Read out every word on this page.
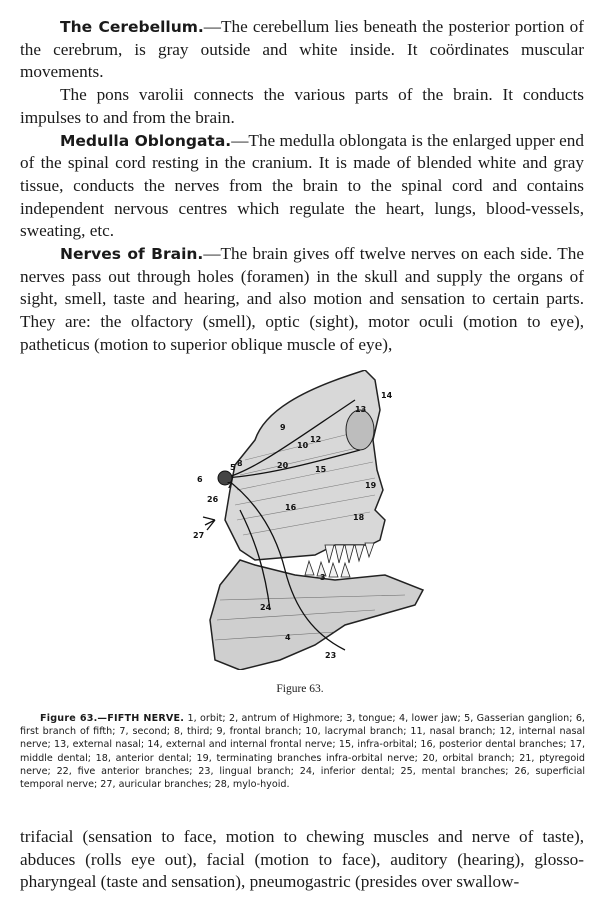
The Cerebellum.—The cerebellum lies beneath the posterior portion of the cerebrum, is gray outside and white inside. It coördinates muscular movements.

The pons varolii connects the various parts of the brain. It conducts impulses to and from the brain.

Medulla Oblongata.—The medulla oblongata is the enlarged upper end of the spinal cord resting in the cranium. It is made of blended white and gray tissue, conducts the nerves from the brain to the spinal cord and contains independent nervous centres which regulate the heart, lungs, blood-vessels, sweating, etc.

Nerves of Brain.—The brain gives off twelve nerves on each side. The nerves pass out through holes (foramen) in the skull and supply the organs of sight, smell, taste and hearing, and also motion and sensation to certain parts. They are: the olfactory (smell), optic (sight), motor oculi (motion to eye), patheticus (motion to superior oblique muscle of eye),

14
13
9
12
10
5
6
7
8	20	15
19
26
16
18
27
3
24
4
23
Figure 63.

Figure 63.—FIFTH NERVE. 1, orbit; 2, antrum of Highmore; 3, tongue; 4, lower jaw; 5, Gasserian ganglion; 6, first branch of fifth; 7, second; 8, third; 9, frontal branch; 10, lacrymal branch; 11, nasal branch; 12, internal nasal nerve; 13, external nasal; 14, external and internal frontal nerve; 15, infra-orbital; 16, posterior dental branches; 17, middle dental; 18, anterior dental; 19, terminating branches infra-orbital nerve; 20, orbital branch; 21, ptyregoid nerve; 22, five anterior branches; 23, lingual branch; 24, inferior dental; 25, mental branches; 26, superficial temporal nerve; 27, auricular branches; 28, mylo-hyoid.

trifacial (sensation to face, motion to chewing muscles and nerve of taste), abduces (rolls eye out), facial (motion to face), auditory (hearing), glosso-pharyngeal (taste and sensation), pneumogastric (presides over swallow-
